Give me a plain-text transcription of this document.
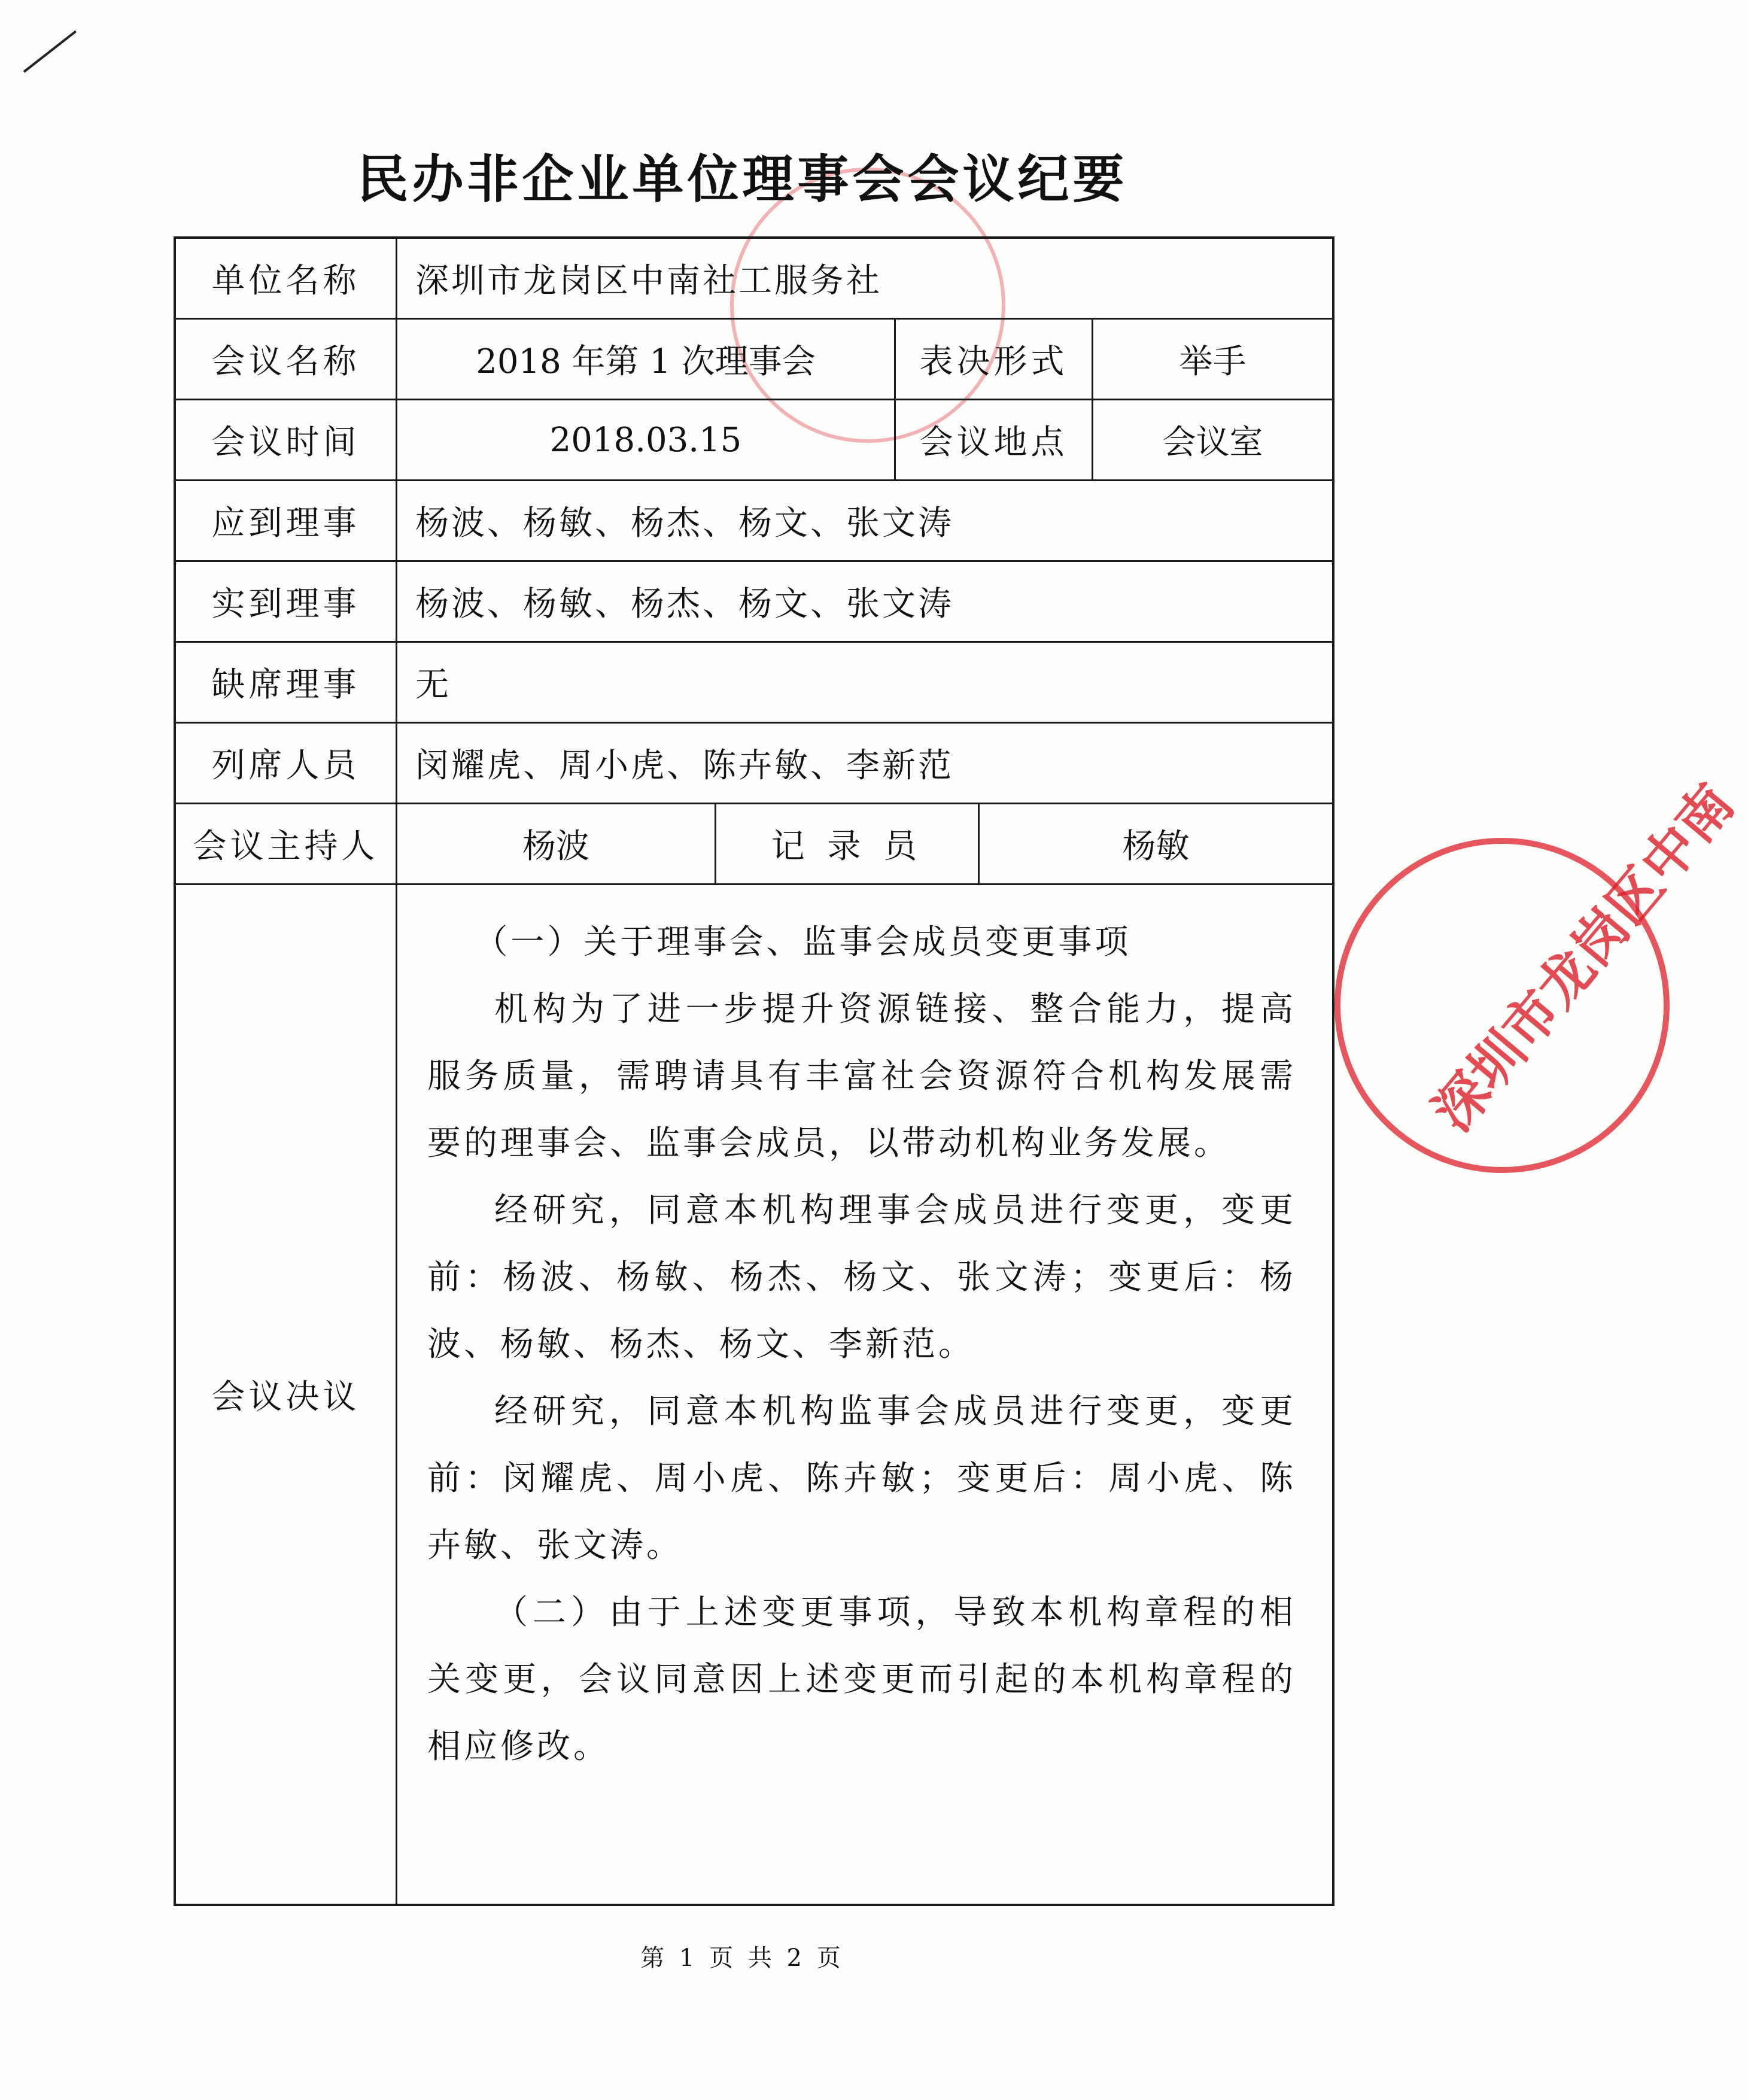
民办非企业单位理事会会议纪要
单位名称	深圳市龙岗区中南社工服务社
会议名称	2018 年第 1 次理事会	表决形式	举手
会议时间	2018.03.15	会议地点	会议室
应到理事	杨波、杨敏、杨杰、杨文、张文涛
实到理事	杨波、杨敏、杨杰、杨文、张文涛
缺席理事	无
列席人员	闵耀虎、周小虎、陈卉敏、李新范
会议主持人	杨波	记 录 员	杨敏
会议决议

（一）关于理事会、监事会成员变更事项

机构为了进一步提升资源链接、整合能力，提高服务质量，需聘请具有丰富社会资源符合机构发展需要的理事会、监事会成员，以带动机构业务发展。

经研究，同意本机构理事会成员进行变更，变更前：杨波、杨敏、杨杰、杨文、张文涛；变更后：杨波、杨敏、杨杰、杨文、李新范。

经研究，同意本机构监事会成员进行变更，变更前：闵耀虎、周小虎、陈卉敏；变更后：周小虎、陈卉敏、张文涛。

（二）由于上述变更事项，导致本机构章程的相关变更，会议同意因上述变更而引起的本机构章程的相应修改。

深圳市龙岗区中南
第 1 页 共 2 页
